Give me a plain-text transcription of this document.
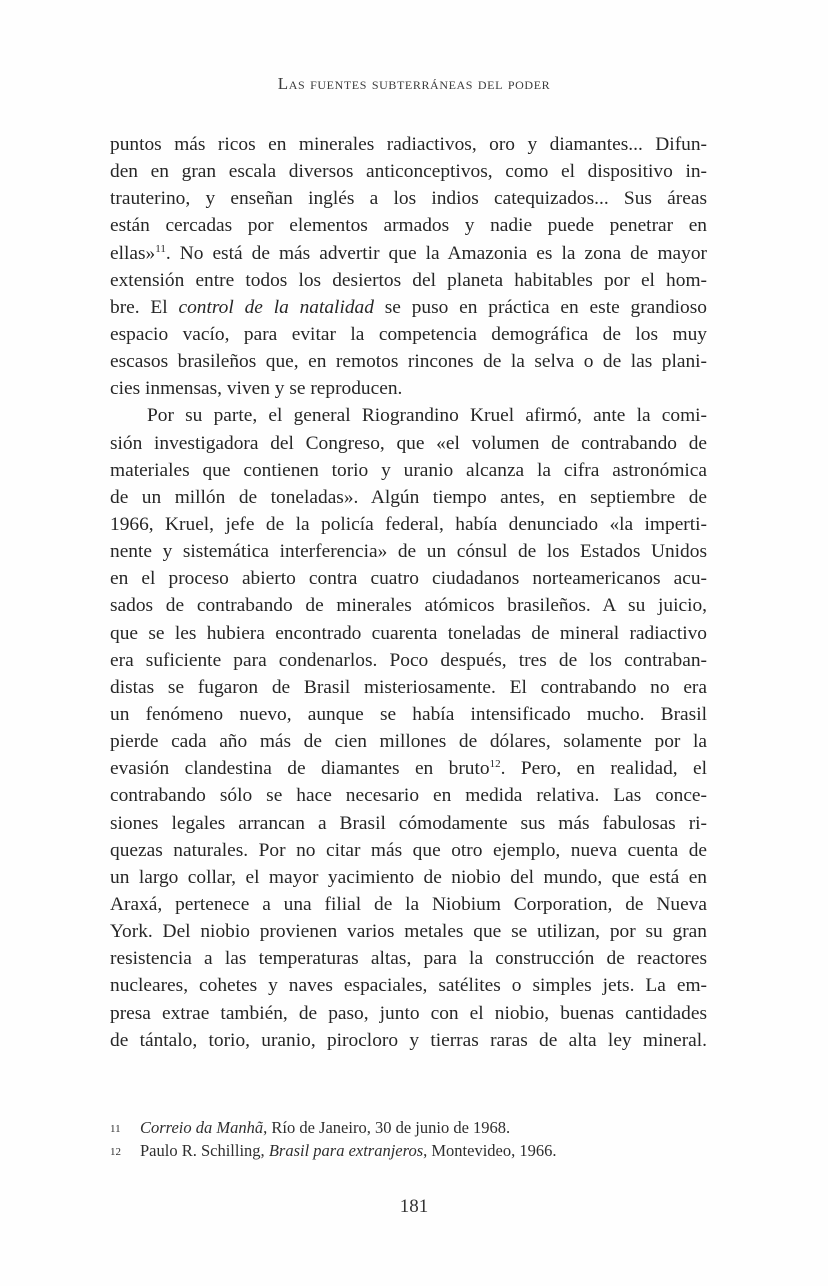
Las fuentes subterráneas del poder
puntos más ricos en minerales radiactivos, oro y diamantes... Difun-
den en gran escala diversos anticonceptivos, como el dispositivo in-
trauterino, y enseñan inglés a los indios catequizados... Sus áreas
están cercadas por elementos armados y nadie puede penetrar en
ellas»$^{11}$. No está de más advertir que la Amazonia es la zona de mayor
extensión entre todos los desiertos del planeta habitables por el hom-
bre. El control de la natalidad se puso en práctica en este grandioso
espacio vacío, para evitar la competencia demográfica de los muy
escasos brasileños que, en remotos rincones de la selva o de las plani-
cies inmensas, viven y se reproducen.
Por su parte, el general Riograndino Kruel afirmó, ante la comi-
sión investigadora del Congreso, que «el volumen de contrabando de
materiales que contienen torio y uranio alcanza la cifra astronómica
de un millón de toneladas». Algún tiempo antes, en septiembre de
1966, Kruel, jefe de la policía federal, había denunciado «la imperti-
nente y sistemática interferencia» de un cónsul de los Estados Unidos
en el proceso abierto contra cuatro ciudadanos norteamericanos acu-
sados de contrabando de minerales atómicos brasileños. A su juicio,
que se les hubiera encontrado cuarenta toneladas de mineral radiactivo
era suficiente para condenarlos. Poco después, tres de los contraban-
distas se fugaron de Brasil misteriosamente. El contrabando no era
un fenómeno nuevo, aunque se había intensificado mucho. Brasil
pierde cada año más de cien millones de dólares, solamente por la
evasión clandestina de diamantes en bruto$^{12}$. Pero, en realidad, el
contrabando sólo se hace necesario en medida relativa. Las conce-
siones legales arrancan a Brasil cómodamente sus más fabulosas ri-
quezas naturales. Por no citar más que otro ejemplo, nueva cuenta de
un largo collar, el mayor yacimiento de niobio del mundo, que está en
Araxá, pertenece a una filial de la Niobium Corporation, de Nueva
York. Del niobio provienen varios metales que se utilizan, por su gran
resistencia a las temperaturas altas, para la construcción de reactores
nucleares, cohetes y naves espaciales, satélites o simples jets. La em-
presa extrae también, de paso, junto con el niobio, buenas cantidades
de tántalo, torio, uranio, pirocloro y tierras raras de alta ley mineral.
11	Correio da Manhã, Río de Janeiro, 30 de junio de 1968.
12	Paulo R. Schilling, Brasil para extranjeros, Montevideo, 1966.
181
